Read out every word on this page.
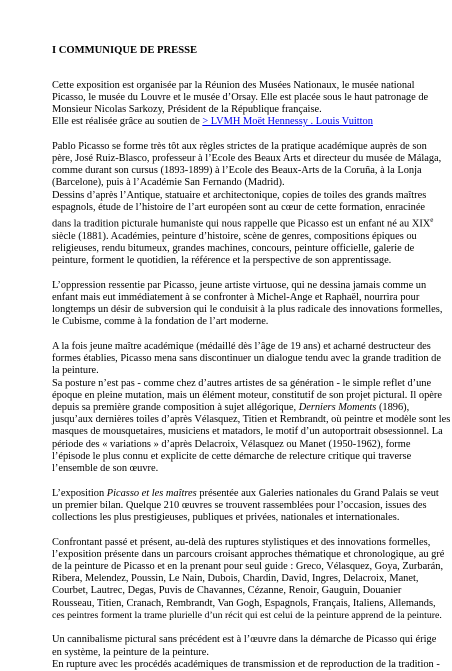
I COMMUNIQUE DE PRESSE

Cette exposition est organisée par la Réunion des Musées Nationaux, le musée national

Picasso, le musée du Louvre et le musée d’Orsay. Elle est placée sous le haut patronage de

Monsieur Nicolas Sarkozy, Président de la République française.

Elle est réalisée grâce au soutien de > LVMH Moët Hennessy . Louis Vuitton

Pablo Picasso se forme très tôt aux règles strictes de la pratique académique auprès de son

père, José Ruiz-Blasco, professeur à l’Ecole des Beaux Arts et directeur du musée de Málaga,

comme durant son cursus (1893-1899) à l’Ecole des Beaux-Arts de la Coruña, à la Lonja

(Barcelone), puis à l’Académie San Fernando (Madrid).

Dessins d’après l’Antique, statuaire et architectonique, copies de toiles des grands maîtres

espagnols, étude de l’histoire de l’art européen sont au cœur de cette formation, enracinée

dans la tradition picturale humaniste qui nous rappelle que Picasso est un enfant né au XIXe

siècle (1881). Académies, peinture d’histoire, scène de genres, compositions épiques ou

religieuses, rendu bitumeux, grandes machines, concours, peinture officielle, galerie de

peinture, forment le quotidien, la référence et la perspective de son apprentissage.

L’oppression ressentie par Picasso, jeune artiste virtuose, qui ne dessina jamais comme un

enfant mais eut immédiatement à se confronter à Michel-Ange et Raphaël, nourrira pour

longtemps un désir de subversion qui le conduisit à la plus radicale des innovations formelles,

le Cubisme, comme à la fondation de l’art moderne.

A la fois jeune maître académique (médaillé dès l’âge de 19 ans) et acharné destructeur des

formes établies, Picasso mena sans discontinuer un dialogue tendu avec la grande tradition de

la peinture.

Sa posture n’est pas - comme chez d’autres artistes de sa génération - le simple reflet d’une

époque en pleine mutation, mais un élément moteur, constitutif de son projet pictural. Il opère

depuis sa première grande composition à sujet allégorique, Derniers Moments (1896),

jusqu’aux dernières toiles d’après Vélasquez, Titien et Rembrandt, où peintre et modèle sont les

masques de mousquetaires, musiciens et matadors, le motif d’un autoportrait obsessionnel. La

période des « variations » d’après Delacroix, Vélasquez ou Manet (1950-1962), forme

l’épisode le plus connu et explicite de cette démarche de relecture critique qui traverse

l’ensemble de son œuvre.

L’exposition Picasso et les maîtres présentée aux Galeries nationales du Grand Palais se veut

un premier bilan. Quelque 210 œuvres se trouvent rassemblées pour l’occasion, issues des

collections les plus prestigieuses, publiques et privées, nationales et internationales.

Confrontant passé et présent, au-delà des ruptures stylistiques et des innovations formelles,

l’exposition présente dans un parcours croisant approches thématique et chronologique, au gré

de la peinture de Picasso et en la prenant pour seul guide : Greco, Vélasquez, Goya, Zurbarán,

Ribera, Melendez, Poussin, Le Nain, Dubois, Chardin, David, Ingres, Delacroix, Manet,

Courbet, Lautrec, Degas, Puvis de Chavannes, Cézanne, Renoir, Gauguin, Douanier

Rousseau, Titien, Cranach, Rembrandt, Van Gogh, Espagnols, Français, Italiens, Allemands,

ces peintres forment la trame plurielle d’un récit qui est celui de la peinture apprend de la peinture.

Un cannibalisme pictural sans précédent est à l’œuvre dans la démarche de Picasso qui érige

en système, la peinture de la peinture.

En rupture avec les procédés académiques de transmission et de reproduction de la tradition -
